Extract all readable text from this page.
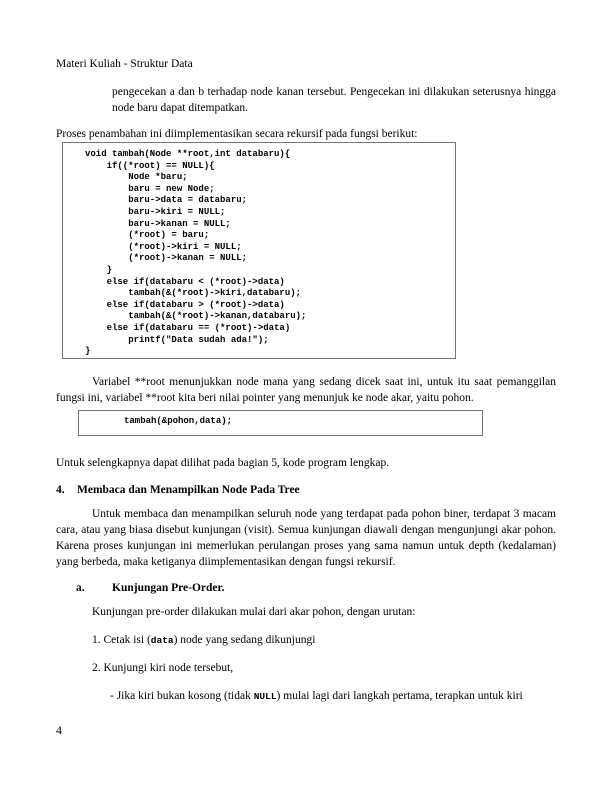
Materi Kuliah - Struktur Data
pengecekan a dan b terhadap node kanan tersebut. Pengecekan ini dilakukan seterusnya hingga node baru dapat ditempatkan.
Proses penambahan ini diimplementasikan secara rekursif pada fungsi berikut:
void tambah(Node **root,int databaru){
if((*root) == NULL){
Node *baru;
baru = new Node;
baru->data = databaru;
baru->kiri = NULL;
baru->kanan = NULL;
(*root) = baru;
(*root)->kiri = NULL;
(*root)->kanan = NULL;
}
else if(databaru < (*root)->data)
tambah(&(*root)->kiri,databaru);
else if(databaru > (*root)->data)
tambah(&(*root)->kanan,databaru);
else if(databaru == (*root)->data)
printf("Data sudah ada!");
}
Variabel **root menunjukkan node mana yang sedang dicek saat ini, untuk itu saat pemanggilan fungsi ini, variabel **root kita beri nilai pointer yang menunjuk ke node akar, yaitu pohon.
tambah(&pohon,data);
Untuk selengkapnya dapat dilihat pada bagian 5, kode program lengkap.
4. Membaca dan Menampilkan Node Pada Tree
Untuk membaca dan menampilkan seluruh node yang terdapat pada pohon biner, terdapat 3 macam cara, atau yang biasa disebut kunjungan (visit). Semua kunjungan diawali dengan mengunjungi akar pohon. Karena proses kunjungan ini memerlukan perulangan proses yang sama namun untuk depth (kedalaman) yang berbeda, maka ketiganya diimplementasikan dengan fungsi rekursif.
a. Kunjungan Pre-Order.
Kunjungan pre-order dilakukan mulai dari akar pohon, dengan urutan:
1. Cetak isi (data) node yang sedang dikunjungi
2. Kunjungi kiri node tersebut,
- Jika kiri bukan kosong (tidak NULL) mulai lagi dari langkah pertama, terapkan untuk kiri
4
